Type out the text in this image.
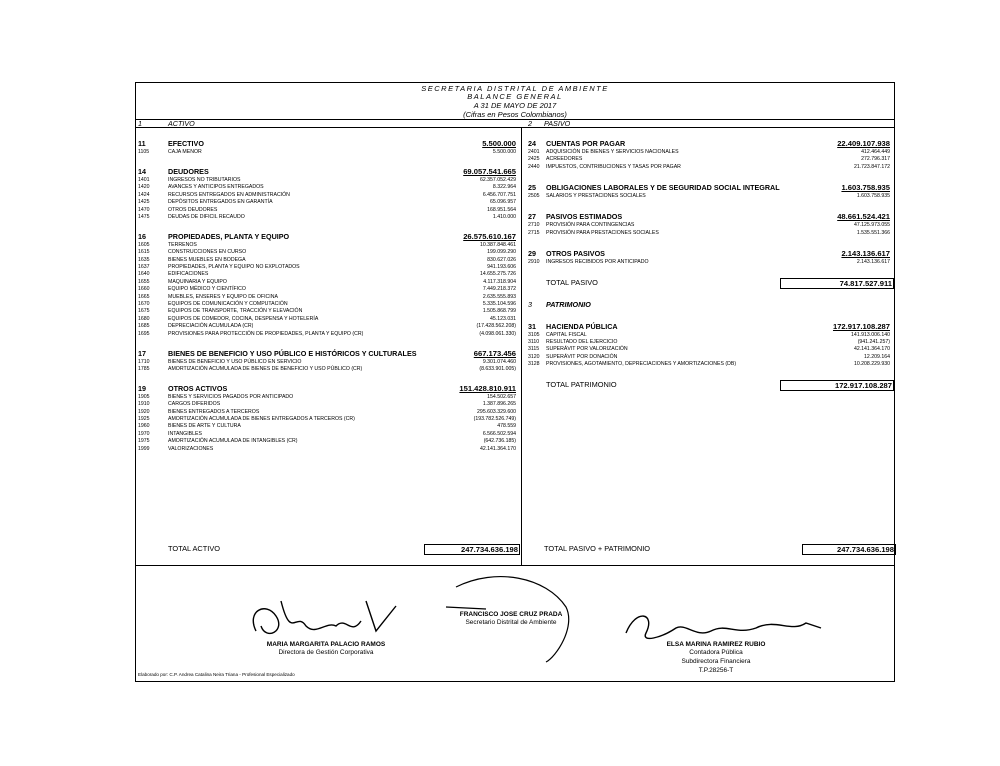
SECRETARIA DISTRITAL DE AMBIENTE
BALANCE GENERAL
A 31 DE MAYO DE 2017
(Cifras en Pesos Colombianos)
1	ACTIVO	2 PASIVO
11	EFECTIVO	5.500.000
1105	CAJA MENOR	5.500.000
14	DEUDORES	69.057.541.665
1401	INGRESOS NO TRIBUTARIOS	62.357.052.429
1420	AVANCES Y ANTICIPOS ENTREGADOS	8.322.964
1424	RECURSOS ENTREGADOS EN ADMINISTRACIÓN	6.456.707.751
1425	DEPÓSITOS ENTREGADOS EN GARANTÍA	65.096.957
1470	OTROS DEUDORES	168.951.564
1475	DEUDAS DE DIFICIL RECAUDO	1.410.000
16	PROPIEDADES, PLANTA Y EQUIPO	26.575.610.167
1605	TERRENOS	10.387.848.461
1615	CONSTRUCCIONES EN CURSO	199.099.290
1635	BIENES MUEBLES EN BODEGA	830.627.026
1637	PROPIEDADES, PLANTA Y EQUIPO NO EXPLOTADOS	941.193.606
1640	EDIFICACIONES	14.655.275.726
1655	MAQUINARIA Y EQUIPO	4.117.318.904
1660	EQUIPO MÉDICO Y CIENTÍFICO	7.449.218.372
1665	MUEBLES, ENSERES Y EQUIPO DE OFICINA	2.635.555.893
1670	EQUIPOS DE COMUNICACIÓN Y COMPUTACIÓN	5.335.104.596
1675	EQUIPOS DE TRANSPORTE, TRACCIÓN Y ELEVACIÓN	1.505.868.799
1680	EQUIPOS DE COMEDOR, COCINA, DESPENSA Y HOTELERÍA	45.123.031
1685	DEPRECIACIÓN ACUMULADA (CR)	(17.428.562.208)
1695	PROVISIONES PARA PROTECCIÓN DE PROPIEDADES, PLANTA Y EQUIPO (CR)	(4.098.061.330)
17	BIENES DE BENEFICIO Y USO PÚBLICO E HISTÓRICOS Y CULTURALES	667.173.456
1710	BIENES DE BENEFICIO Y USO PÚBLICO EN SERVICIO	9.301.074.460
1785	AMORTIZACIÓN ACUMULADA DE BIENES DE BENEFICIO Y USO PÚBLICO (CR)	(8.633.901.005)
19	OTROS ACTIVOS	151.428.810.911
1905	BIENES Y SERVICIOS PAGADOS POR ANTICIPADO	154.502.657
1910	CARGOS DIFERIDOS	1.387.896.265
1920	BIENES ENTREGADOS A TERCEROS	295.603.329.600
1925	AMORTIZACIÓN ACUMULADA DE BIENES ENTREGADOS A TERCEROS (CR)	(193.782.526.749)
1960	BIENES DE ARTE Y CULTURA	478.559
1970	INTANGIBLES	6.566.502.594
1975	AMORTIZACIÓN ACUMULADA DE INTANGIBLES (CR)	(642.736.185)
1999	VALORIZACIONES	42.141.364.170
24 CUENTAS POR PAGAR	22.409.107.938
2401 ADQUISICIÓN DE BIENES Y SERVICIOS NACIONALES	412.464.449
2425 ACREEDORES	272.796.317
2440 IMPUESTOS, CONTRIBUCIONES Y TASAS POR PAGAR	21.723.847.172
25 OBLIGACIONES LABORALES Y DE SEGURIDAD SOCIAL INTEGRAL	1.603.758.935
2505 SALARIOS Y PRESTACIONES SOCIALES	1.603.758.935
27 PASIVOS ESTIMADOS	48.661.524.421
2710 PROVISIÓN PARA CONTINGENCIAS	47.125.973.055
2715 PROVISIÓN PARA PRESTACIONES SOCIALES	1.535.551.366
29 OTROS PASIVOS	2.143.136.617
2910 INGRESOS RECIBIDOS POR ANTICIPADO	2.143.136.617
TOTAL PASIVO	74.817.527.911
3 PATRIMONIO
31 HACIENDA PÚBLICA	172.917.108.287
3105 CAPITAL FISCAL	141.913.006.140
3110 RESULTADO DEL EJERCICIO	(941.241.257)
3115 SUPERÁVIT POR VALORIZACIÓN	42.141.364.170
3120 SUPERÁVIT POR DONACIÓN	12.209.164
3128 PROVISIONES, AGOTAMIENTO, DEPRECIACIONES Y AMORTIZACIONES (DB)	10.208.229.930
TOTAL PATRIMONIO	172.917.108.287
TOTAL ACTIVO	247.734.636.198	TOTAL PASIVO + PATRIMONIO	247.734.636.198
MARIA MARGARITA PALACIO RAMOS
Directora de Gestión Corporativa
FRANCISCO JOSE CRUZ PRADA
Secretario Distrital de Ambiente
ELSA MARINA RAMIREZ RUBIO
Contadora Pública
Subdirectora Financiera
T.P.28256-T
Elaborado por: C.P. Andrea Catalina Neira Triana - Profesional Especializado
